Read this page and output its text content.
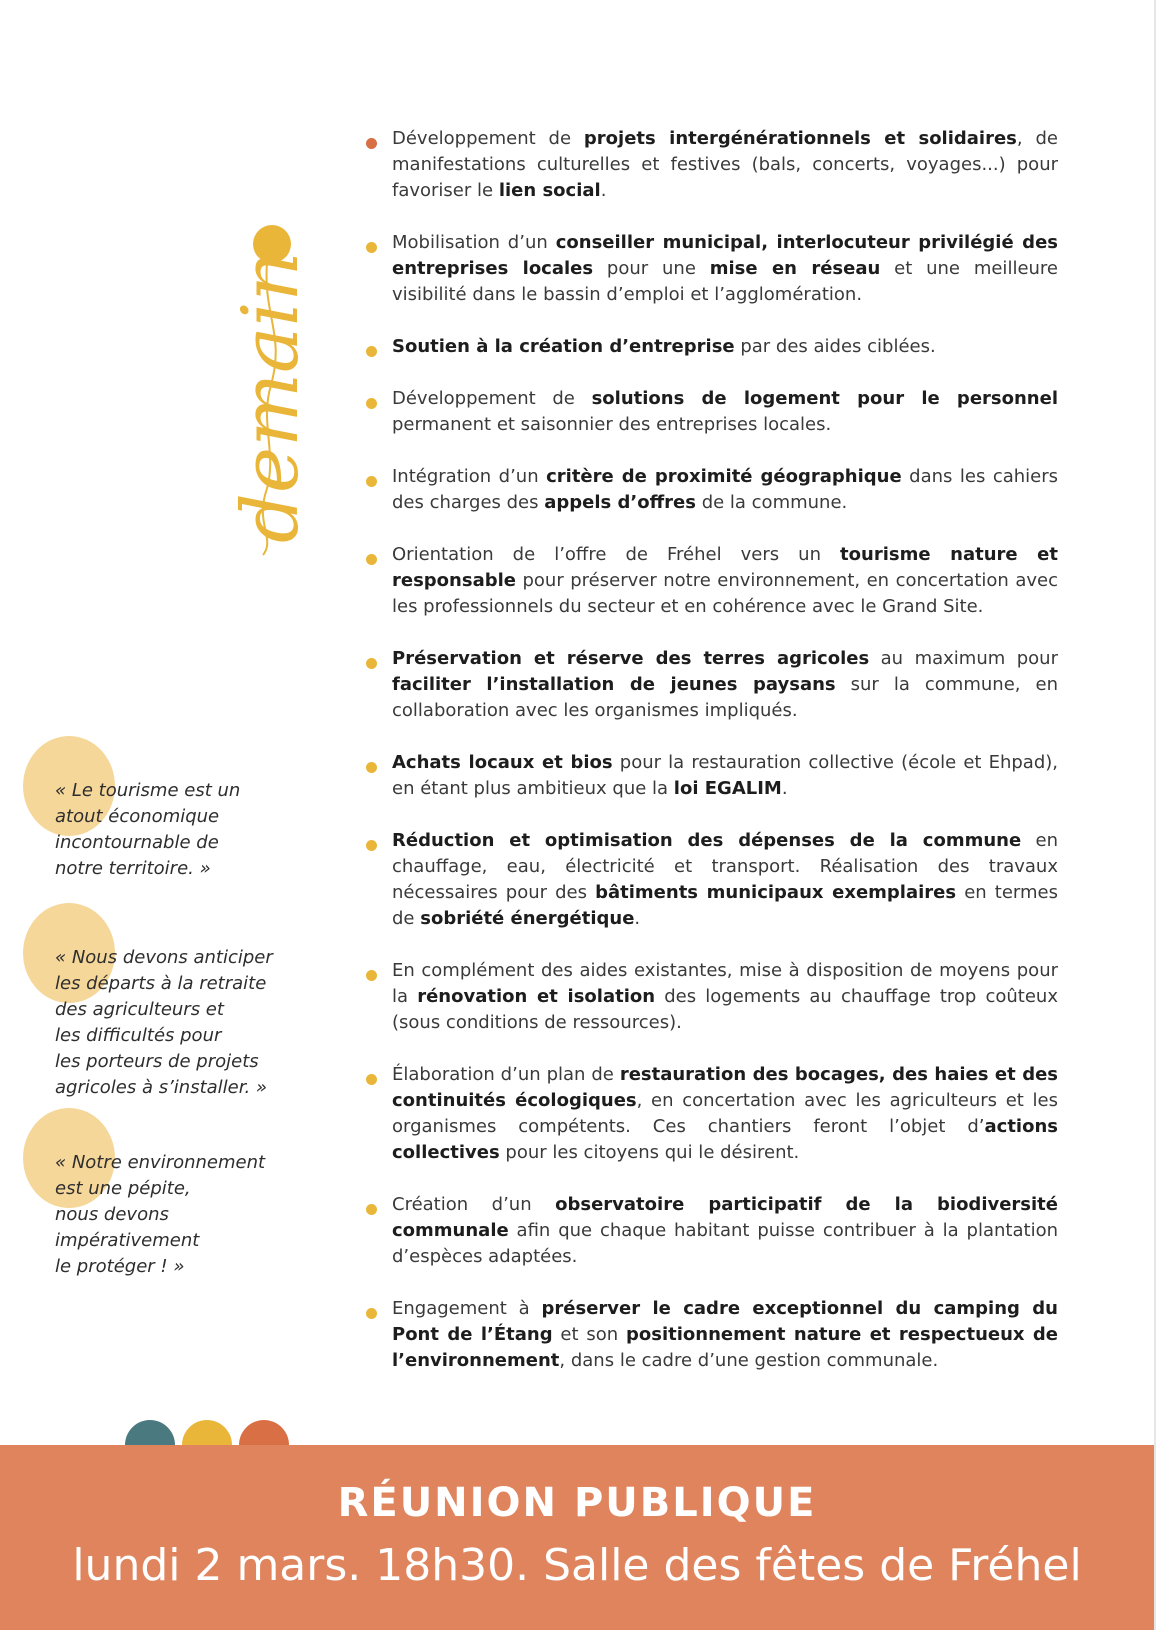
demain
Développement de projets intergénérationnels et solidaires, de manifestations culturelles et festives (bals, concerts, voyages...) pour favoriser le lien social.
Mobilisation d’un conseiller municipal, interlocuteur privilégié des entreprises locales pour une mise en réseau et une meilleure visibilité dans le bassin d’emploi et l’agglomération.
Soutien à la création d’entreprise par des aides ciblées.
Développement de solutions de logement pour le personnel permanent et saisonnier des entreprises locales.
Intégration d’un critère de proximité géographique dans les cahiers des charges des appels d’offres de la commune.
Orientation de l’offre de Fréhel vers un tourisme nature et responsable pour préserver notre environnement, en concertation avec les professionnels du secteur et en cohérence avec le Grand Site.
Préservation et réserve des terres agricoles au maximum pour faciliter l’installation de jeunes paysans sur la commune, en collaboration avec les organismes impliqués.
Achats locaux et bios pour la restauration collective (école et Ehpad), en étant plus ambitieux que la loi EGALIM.
Réduction et optimisation des dépenses de la commune en chauffage, eau, électricité et transport. Réalisation des travaux nécessaires pour des bâtiments municipaux exemplaires en termes de sobriété énergétique.
En complément des aides existantes, mise à disposition de moyens pour la rénovation et isolation des logements au chauffage trop coûteux (sous conditions de ressources).
Élaboration d’un plan de restauration des bocages, des haies et des continuités écologiques, en concertation avec les agriculteurs et les organismes compétents. Ces chantiers feront l’objet d’actions collectives pour les citoyens qui le désirent.
Création d’un observatoire participatif de la biodiversité communale afin que chaque habitant puisse contribuer à la plantation d’espèces adaptées.
Engagement à préserver le cadre exceptionnel du camping du Pont de l’Étang et son positionnement nature et respectueux de l’environnement, dans le cadre d’une gestion communale.
« Le tourisme est un
atout économique
incontournable de
notre territoire. »
« Nous devons anticiper
les départs à la retraite
des agriculteurs et
les difficultés pour
les porteurs de projets
agricoles à s’installer. »
« Notre environnement
est une pépite,
nous devons
impérativement
le protéger ! »
RÉUNION PUBLIQUE
lundi 2 mars. 18h30. Salle des fêtes de Fréhel
